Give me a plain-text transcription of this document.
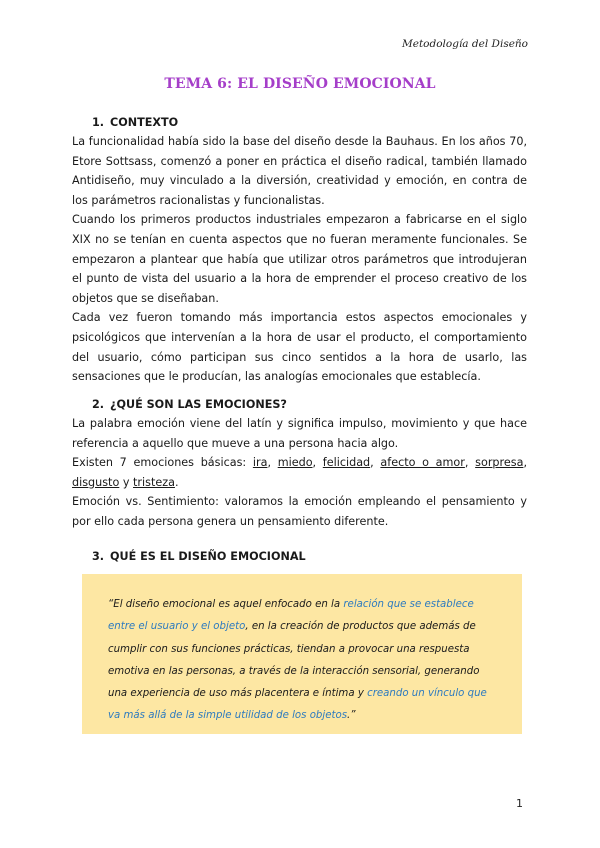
Metodología del Diseño
TEMA 6: EL DISEÑO EMOCIONAL
1. CONTEXTO

La funcionalidad había sido la base del diseño desde la Bauhaus. En los años 70, Etore Sottsass, comenzó a poner en práctica el diseño radical, también llamado Antidiseño, muy vinculado a la diversión, creatividad y emoción, en contra de los parámetros racionalistas y funcionalistas.

Cuando los primeros productos industriales empezaron a fabricarse en el siglo XIX no se tenían en cuenta aspectos que no fueran meramente funcionales. Se empezaron a plantear que había que utilizar otros parámetros que introdujeran el punto de vista del usuario a la hora de emprender el proceso creativo de los objetos que se diseñaban.

Cada vez fueron tomando más importancia estos aspectos emocionales y psicológicos que intervenían a la hora de usar el producto, el comportamiento del usuario, cómo participan sus cinco sentidos a la hora de usarlo, las sensaciones que le producían, las analogías emocionales que establecía.

2. ¿QUÉ SON LAS EMOCIONES?

La palabra emoción viene del latín y significa impulso, movimiento y que hace referencia a aquello que mueve a una persona hacia algo.

Existen 7 emociones básicas: ira, miedo, felicidad, afecto o amor, sorpresa, disgusto y tristeza.

Emoción vs. Sentimiento: valoramos la emoción empleando el pensamiento y por ello cada persona genera un pensamiento diferente.

3. QUÉ ES EL DISEÑO EMOCIONAL
“El diseño emocional es aquel enfocado en la relación que se establece entre el usuario y el objeto, en la creación de productos que además de cumplir con sus funciones prácticas, tiendan a provocar una respuesta emotiva en las personas, a través de la interacción sensorial, generando una experiencia de uso más placentera e íntima y creando un vínculo que va más allá de la simple utilidad de los objetos.”
1
